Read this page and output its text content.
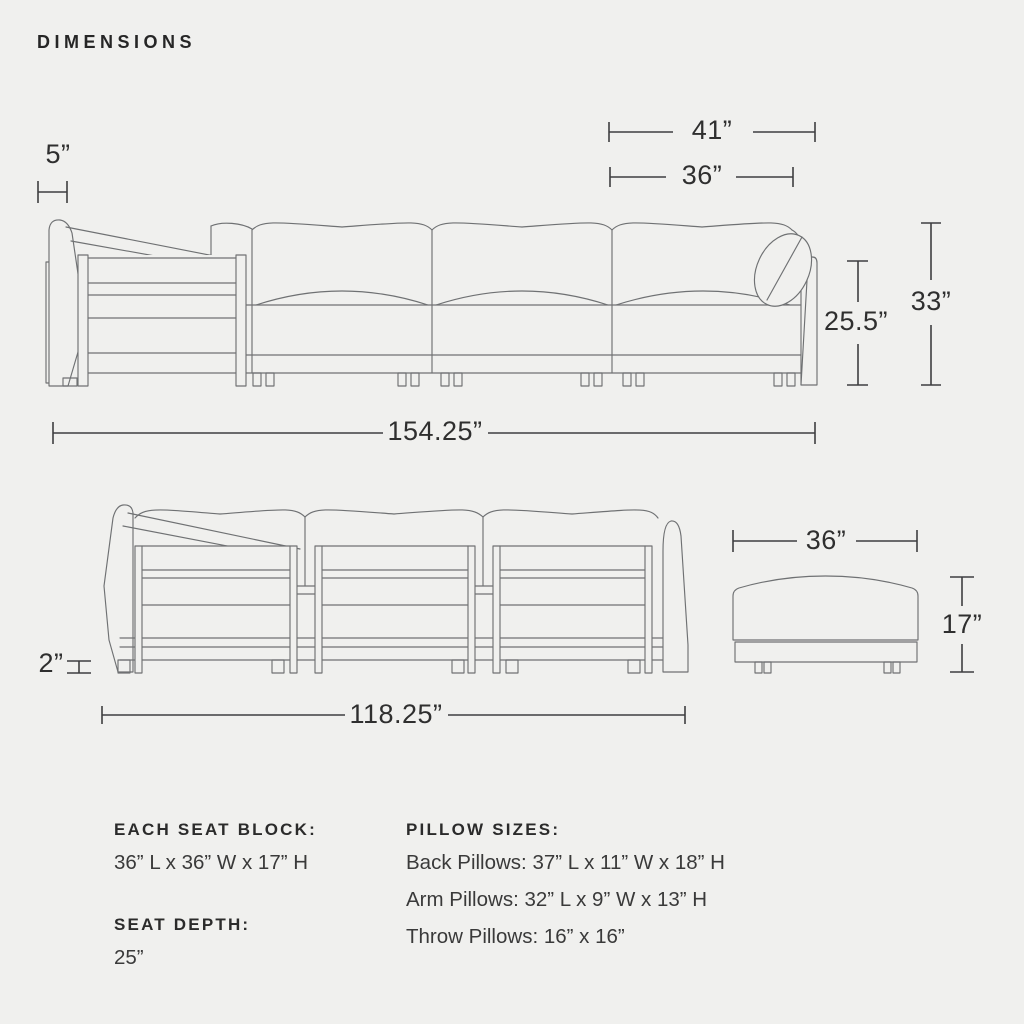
DIMENSIONS
5”
41”
36”
25.5”
33”
154.25”
2”
118.25”
36”
17”
EACH SEAT BLOCK:
36” L x 36” W x 17” H
SEAT DEPTH:
25”
PILLOW SIZES:
Back Pillows: 37” L x 11” W x 18” H
Arm Pillows: 32” L x 9” W x 13” H
Throw Pillows: 16” x 16”
